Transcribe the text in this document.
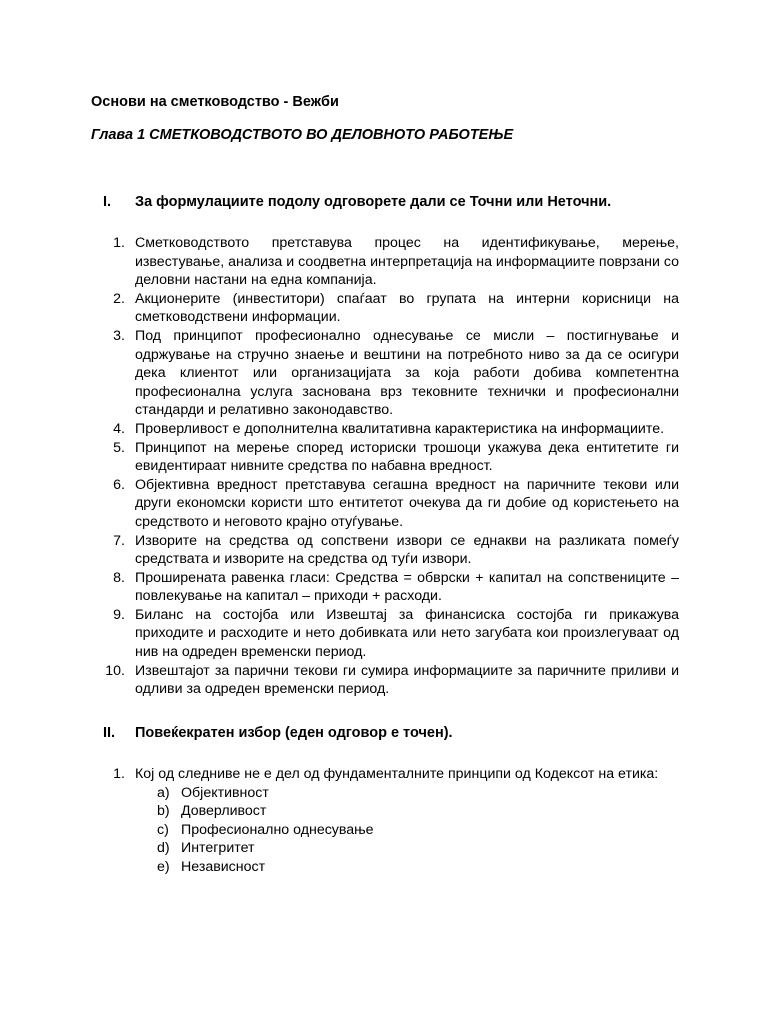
Основи на сметководство - Вежби
Глава 1 СМЕТКОВОДСТВОТО ВО ДЕЛОВНОТО РАБОТЕЊЕ
I. За формулациите подолу одговорете дали се Точни или Неточни.
1. Сметководството претставува процес на идентификување, мерење, известување, анализа и соодветна интерпретација на информациите поврзани со деловни настани на една компанија.
2. Акционерите (инвеститори) спаѓаат во групата на интерни корисници на сметководствени информации.
3. Под принципот професионално однесување се мисли – постигнување и одржување на стручно знаење и вештини на потребното ниво за да се осигури дека клиентот или организацијата за која работи добива компетентна професионална услуга заснована врз тековните технички и професионални стандарди и релативно законодавство.
4. Проверливост е дополнителна квалитативна карактеристика на информациите.
5. Принципот на мерење според историски трошоци укажува дека ентитетите ги евидентираат нивните средства по набавна вредност.
6. Објективна вредност претставува сегашна вредност на паричните текови или други економски користи што ентитетот очекува да ги добие од користењето на средството и неговото крајно отуѓување.
7. Изворите на средства од сопствени извори се еднакви на разликата помеѓу средствата и изворите на средства од туѓи извори.
8. Проширената равенка гласи: Средства = обврски + капитал на сопствениците – повлекување на капитал – приходи + расходи.
9. Биланс на состојба или Извештај за финансиска состојба ги прикажува приходите и расходите и нето добивката или нето загубата кои произлегуваат од нив на одреден временски период.
10. Извештајот за парични текови ги сумира информациите за паричните приливи и одливи за одреден временски период.
II. Повеќекратен избор (еден одговор е точен).
1. Кој од следниве не е дел од фундаменталните принципи од Кодексот на етика:
a) Објективност
b) Доверливост
c) Професионално однесување
d) Интегритет
e) Независност
